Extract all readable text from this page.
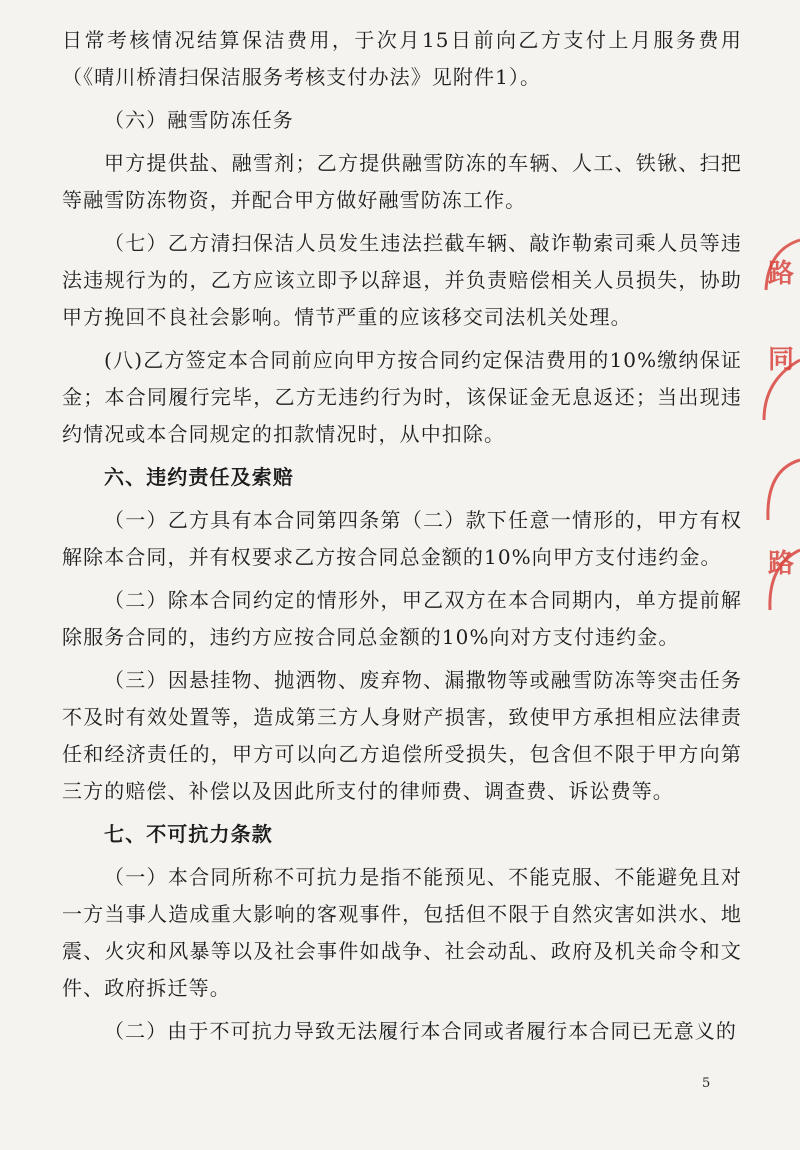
日常考核情况结算保洁费用，于次月15日前向乙方支付上月服务费用（《晴川桥清扫保洁服务考核支付办法》见附件1）。

（六）融雪防冻任务

甲方提供盐、融雪剂；乙方提供融雪防冻的车辆、人工、铁锹、扫把等融雪防冻物资，并配合甲方做好融雪防冻工作。

（七）乙方清扫保洁人员发生违法拦截车辆、敲诈勒索司乘人员等违法违规行为的，乙方应该立即予以辞退，并负责赔偿相关人员损失，协助甲方挽回不良社会影响。情节严重的应该移交司法机关处理。

(八)乙方签定本合同前应向甲方按合同约定保洁费用的10%缴纳保证金；本合同履行完毕，乙方无违约行为时，该保证金无息返还；当出现违约情况或本合同规定的扣款情况时，从中扣除。

六、违约责任及索赔

（一）乙方具有本合同第四条第（二）款下任意一情形的，甲方有权解除本合同，并有权要求乙方按合同总金额的10%向甲方支付违约金。

（二）除本合同约定的情形外，甲乙双方在本合同期内，单方提前解除服务合同的，违约方应按合同总金额的10%向对方支付违约金。

（三）因悬挂物、抛洒物、废弃物、漏撒物等或融雪防冻等突击任务不及时有效处置等，造成第三方人身财产损害，致使甲方承担相应法律责任和经济责任的，甲方可以向乙方追偿所受损失，包含但不限于甲方向第三方的赔偿、补偿以及因此所支付的律师费、调查费、诉讼费等。

七、不可抗力条款

（一）本合同所称不可抗力是指不能预见、不能克服、不能避免且对一方当事人造成重大影响的客观事件，包括但不限于自然灾害如洪水、地震、火灾和风暴等以及社会事件如战争、社会动乱、政府及机关命令和文件、政府拆迁等。

（二）由于不可抗力导致无法履行本合同或者履行本合同已无意义的

路
同
路
5
